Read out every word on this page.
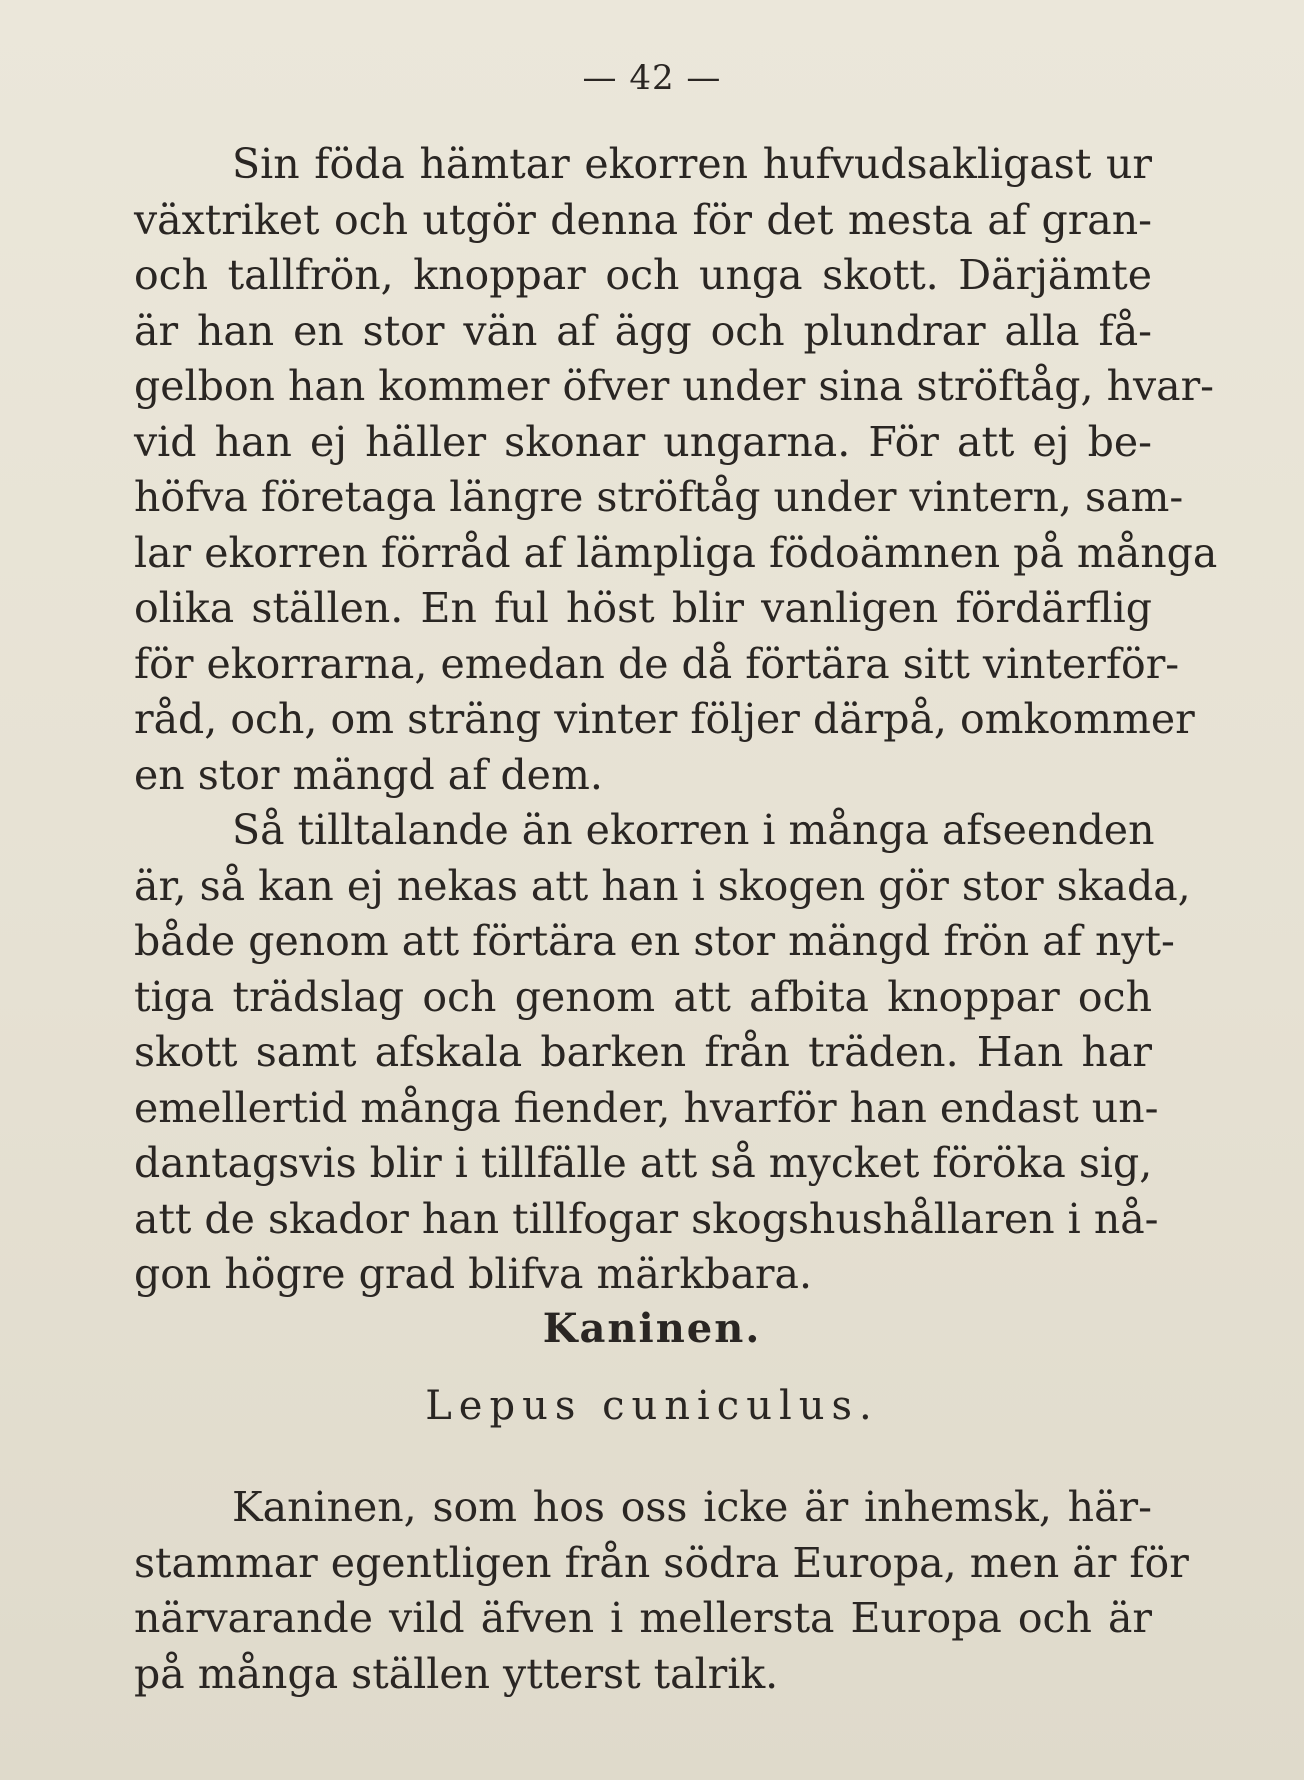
— 42 —
Sin föda hämtar ekorren hufvudsakligast ur
växtriket och utgör denna för det mesta af gran-
och tallfrön, knoppar och unga skott. Därjämte
är han en stor vän af ägg och plundrar alla få-
gelbon han kommer öfver under sina ströftåg, hvar-
vid han ej häller skonar ungarna. För att ej be-
höfva företaga längre ströftåg under vintern, sam-
lar ekorren förråd af lämpliga födoämnen på många
olika ställen. En ful höst blir vanligen fördärflig
för ekorrarna, emedan de då förtära sitt vinterför-
råd, och, om sträng vinter följer därpå, omkommer
en stor mängd af dem.
Så tilltalande än ekorren i många afseenden
är, så kan ej nekas att han i skogen gör stor skada,
både genom att förtära en stor mängd frön af nyt-
tiga trädslag och genom att afbita knoppar och
skott samt afskala barken från träden. Han har
emellertid många fiender, hvarför han endast un-
dantagsvis blir i tillfälle att så mycket föröka sig,
att de skador han tillfogar skogshushållaren i nå-
gon högre grad blifva märkbara.
Kaninen.
Lepus cuniculus.
Kaninen, som hos oss icke är inhemsk, här-
stammar egentligen från södra Europa, men är för
närvarande vild äfven i mellersta Europa och är
på många ställen ytterst talrik.
